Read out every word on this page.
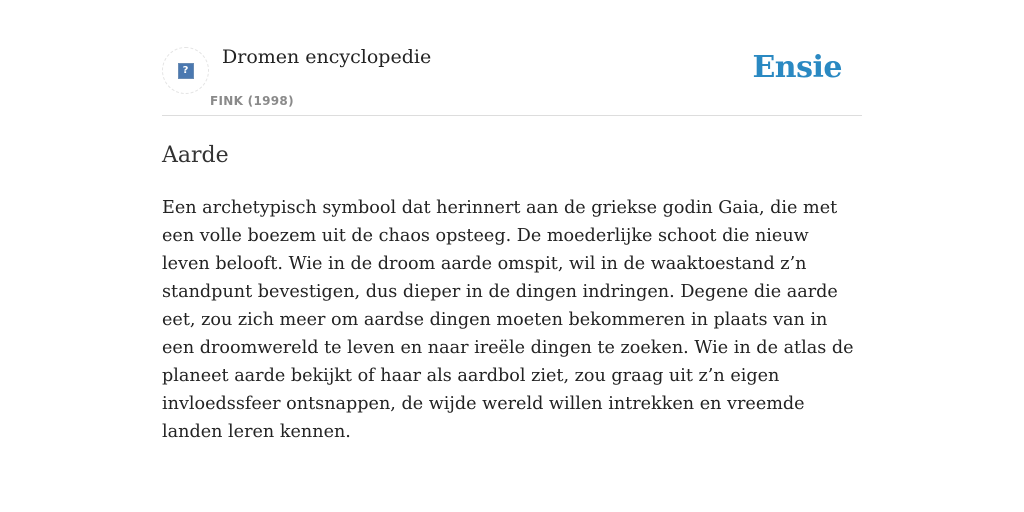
?
Dromen encyclopedie
FINK (1998)
Ensie
Aarde

Een archetypisch symbool dat herinnert aan de griekse godin Gaia, die met een volle boezem uit de chaos opsteeg. De moederlijke schoot die nieuw leven belooft. Wie in de droom aarde omspit, wil in de waaktoestand z’n standpunt bevestigen, dus dieper in de dingen indringen. Degene die aarde eet, zou zich meer om aardse dingen moeten bekommeren in plaats van in een droomwereld te leven en naar ireële dingen te zoeken. Wie in de atlas de planeet aarde bekijkt of haar als aardbol ziet, zou graag uit z’n eigen invloedssfeer ontsnappen, de wijde wereld willen intrekken en vreemde landen leren kennen.
